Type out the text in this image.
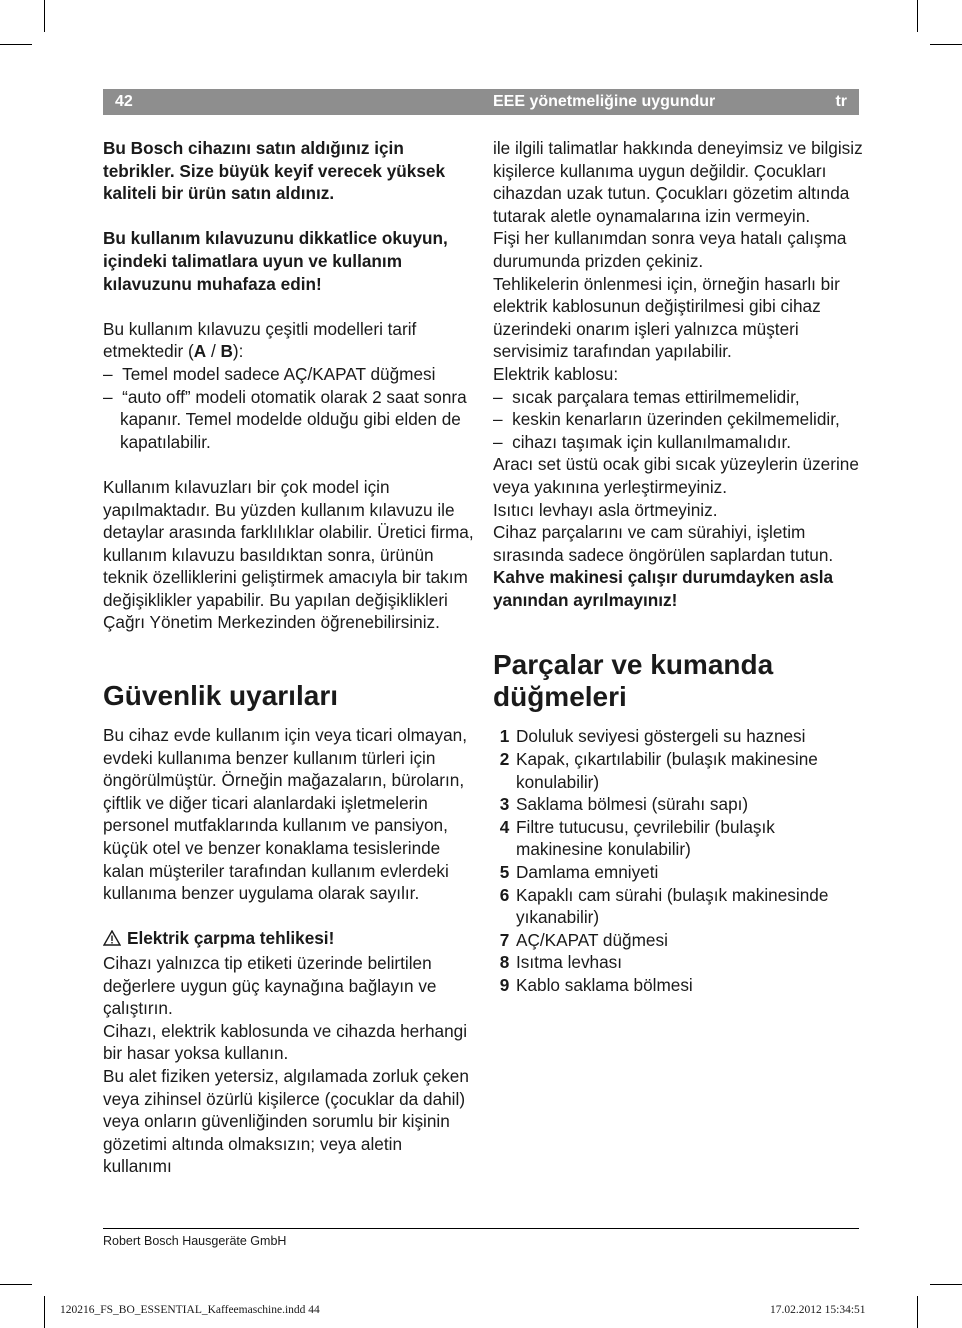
42	EEE yönetmeliğine uygundur	tr

Bu Bosch cihazını satın aldığınız için tebrikler. Size büyük keyif verecek yüksek kaliteli bir ürün satın aldınız.

Bu kullanım kılavuzunu dikkatlice okuyun, içindeki talimatlara uyun ve kullanım kılavuzunu muhafaza edin!

Bu kullanım kılavuzu çeşitli modelleri tarif etmektedir (A / B):

–  Temel model sadece AÇ/KAPAT düğmesi

–  “auto off” modeli otomatik olarak 2 saat sonra kapanır. Temel modelde olduğu gibi elden de kapatılabilir.

Kullanım kılavuzları bir çok model için yapılmaktadır. Bu yüzden kullanım kılavuzu ile detaylar arasında farklılıklar olabilir. Üretici firma, kullanım kılavuzu basıldıktan sonra, ürünün teknik özelliklerini geliştirmek amacıyla bir takım değişiklikler yapabilir. Bu yapılan değişiklikleri Çağrı Yönetim Merkezinden öğrenebilirsiniz.

Güvenlik uyarıları

Bu cihaz evde kullanım için veya ticari olmayan, evdeki kullanıma benzer kullanım türleri için öngörülmüştür. Örneğin mağazaların, büroların, çiftlik ve diğer ticari alanlardaki işletmelerin personel mutfaklarında kullanım ve pansiyon, küçük otel ve benzer konaklama tesislerinde kalan müşteriler tarafından kullanım evlerdeki kullanıma benzer uygulama olarak sayılır.

Elektrik çarpma tehlikesi!

Cihazı yalnızca tip etiketi üzerinde belirtilen değerlere uygun güç kaynağına bağlayın ve çalıştırın.

Cihazı, elektrik kablosunda ve cihazda herhangi bir hasar yoksa kullanın.

Bu alet fiziken yetersiz, algılamada zorluk çeken veya zihinsel özürlü kişilerce (çocuklar da dahil) veya onların güvenliğinden sorumlu bir kişinin gözetimi altında olmaksızın; veya aletin kullanımı

ile ilgili talimatlar hakkında deneyimsiz ve bilgisiz kişilerce kullanıma uygun değildir. Çocukları cihazdan uzak tutun. Çocukları gözetim altında tutarak aletle oynamalarına izin vermeyin.

Fişi her kullanımdan sonra veya hatalı çalışma durumunda prizden çekiniz.

Tehlikelerin önlenmesi için, örneğin hasarlı bir elektrik kablosunun değiştirilmesi gibi cihaz üzerindeki onarım işleri yalnızca müşteri servisimiz tarafından yapılabilir.

Elektrik kablosu:

–  sıcak parçalara temas ettirilmemelidir,

–  keskin kenarların üzerinden çekilmemelidir,

–  cihazı taşımak için kullanılmamalıdır.

Aracı set üstü ocak gibi sıcak yüzeylerin üzerine veya yakınına yerleştirmeyiniz.

Isıtıcı levhayı asla örtmeyiniz.

Cihaz parçalarını ve cam sürahiyi, işletim sırasında sadece öngörülen saplardan tutun.

Kahve makinesi çalışır durumdayken asla yanından ayrılmayınız!

Parçalar ve kumanda
düğmeleri
1 Doluluk seviyesi göstergeli su haznesi
2 Kapak, çıkartılabilir (bulaşık makinesine konulabilir)
3 Saklama bölmesi (sürahı sapı)
4 Filtre tutucusu, çevrilebilir (bulaşık makinesine konulabilir)
5 Damlama emniyeti
6 Kapaklı cam sürahi (bulaşık makinesinde yıkanabilir)
7 AÇ/KAPAT düğmesi
8 Isıtma levhası
9 Kablo saklama bölmesi
Robert Bosch Hausgeräte GmbH
120216_FS_BO_ESSENTIAL_Kaffeemaschine.indd 44	17.02.2012 15:34:51
